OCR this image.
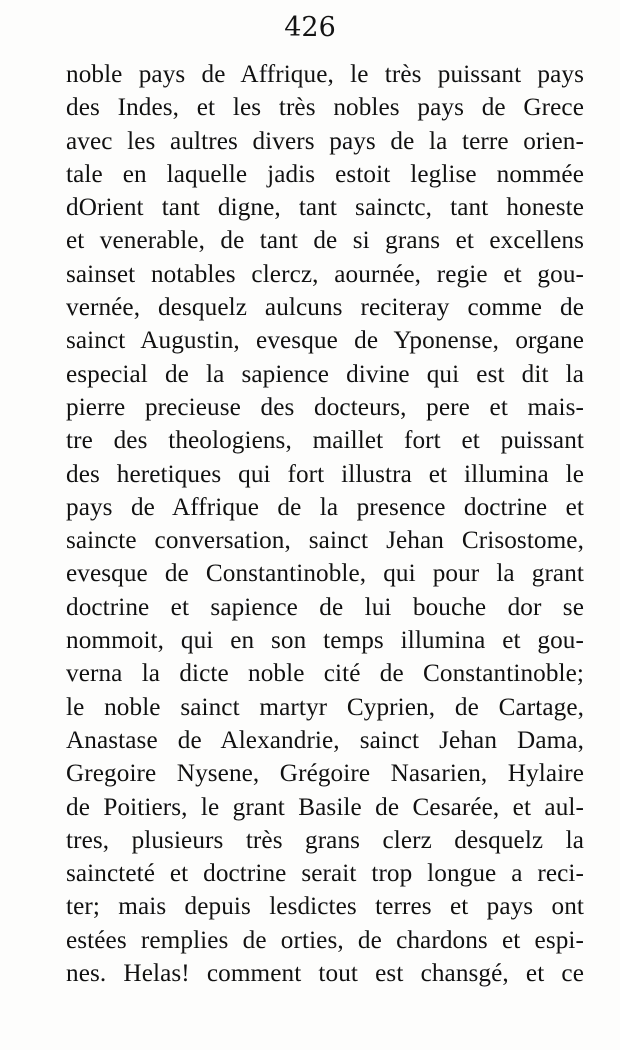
426
noble pays de Affrique, le très puissant pays
des Indes, et les très nobles pays de Grece
avec les aultres divers pays de la terre orien-
tale en laquelle jadis estoit leglise nommée
dOrient tant digne, tant sainctc, tant honeste
et venerable, de tant de si grans et excellens
sainset notables clercz, aournée, regie et gou-
vernée, desquelz aulcuns reciteray comme de
sainct Augustin, evesque de Yponense, organe
especial de la sapience divine qui est dit la
pierre precieuse des docteurs, pere et mais-
tre des theologiens, maillet fort et puissant
des heretiques qui fort illustra et illumina le
pays de Affrique de la presence doctrine et
saincte conversation, sainct Jehan Crisostome,
evesque de Constantinoble, qui pour la grant
doctrine et sapience de lui bouche dor se
nommoit, qui en son temps illumina et gou-
verna la dicte noble cité de Constantinoble;
le noble sainct martyr Cyprien, de Cartage,
Anastase de Alexandrie, sainct Jehan Dama,
Gregoire Nysene, Grégoire Nasarien, Hylaire
de Poitiers, le grant Basile de Cesarée, et aul-
tres, plusieurs très grans clerz desquelz la
sainctеté et doctrine serait trop longue a reci-
ter; mais depuis lesdictes terres et pays ont
estées remplies de orties, de chardons et espi-
nes. Helas! comment tout est chansgé, et ce
